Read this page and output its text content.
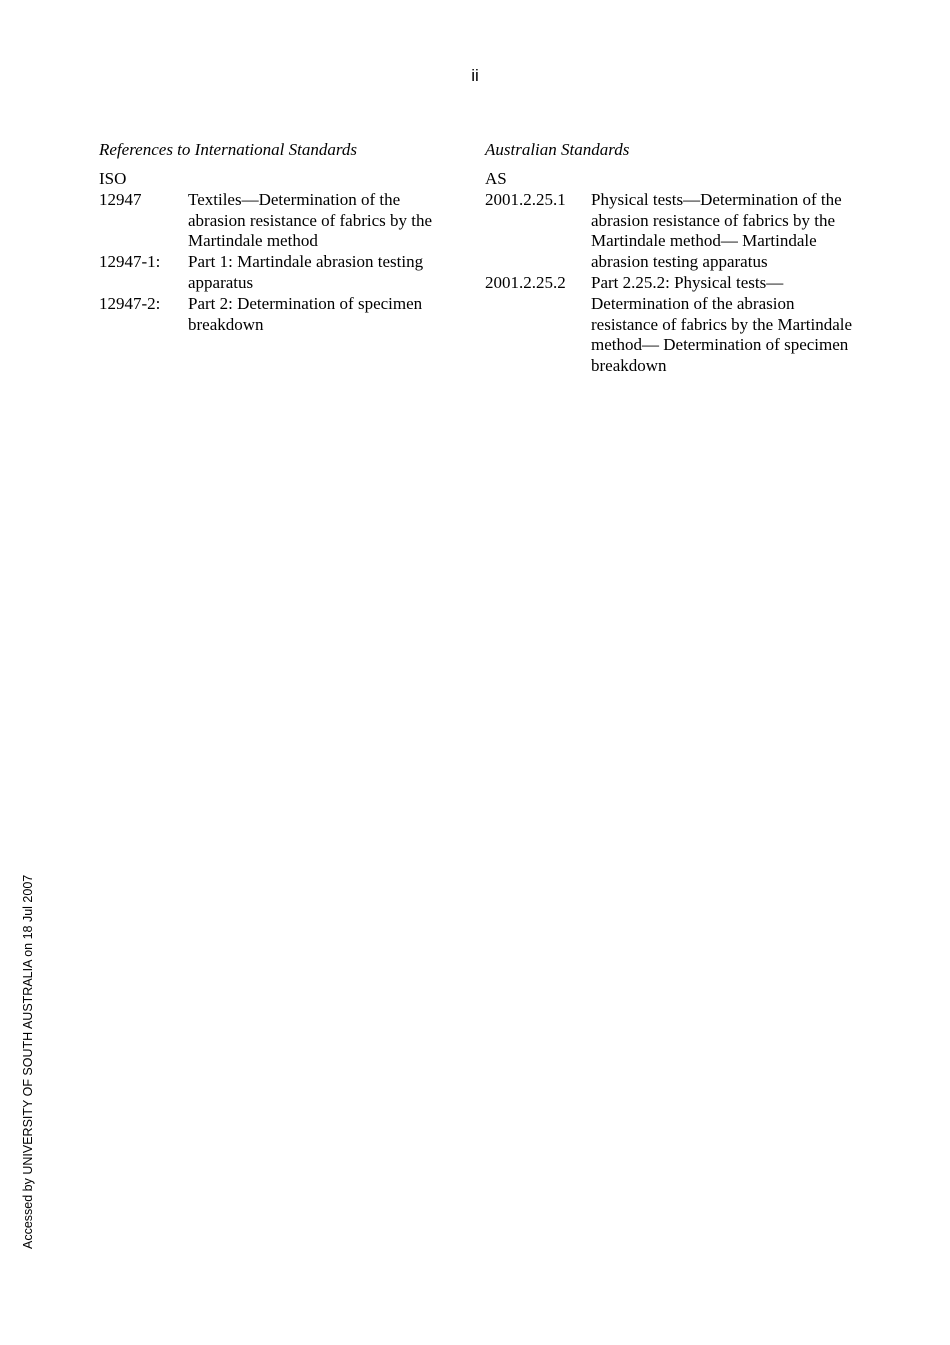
ii
References to International Standards
ISO
12947	Textiles—Determination of the abrasion resistance of fabrics by the Martindale method
12947-1:	Part 1: Martindale abrasion testing apparatus
12947-2:	Part 2: Determination of specimen breakdown
Australian Standards
AS
2001.2.25.1	Physical tests—Determination of the abrasion resistance of fabrics by the Martindale method— Martindale abrasion testing apparatus
2001.2.25.2	Part 2.25.2: Physical tests— Determination of the abrasion resistance of fabrics by the Martindale method— Determination of specimen breakdown
Accessed by UNIVERSITY OF SOUTH AUSTRALIA on 18 Jul 2007
